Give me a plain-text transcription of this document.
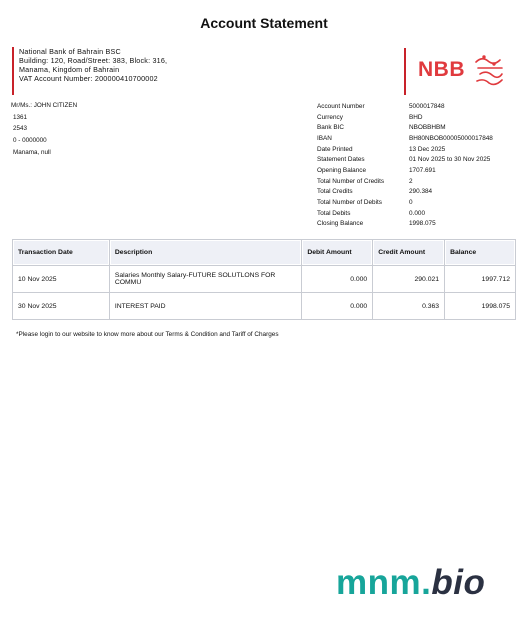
Account Statement
National Bank of Bahrain BSC
Building: 120, Road/Street: 383, Block: 316,
Manama, Kingdom of Bahrain
VAT Account Number: 200000410700002	NBB
Mr/Ms.: JOHN CITIZEN
1361
2543
0 - 0000000
Manama, null
Account Number	5000017848
Currency	BHD
Bank BIC	NBOBBHBM
IBAN	BH80NBOB00005000017848
Date Printed	13 Dec 2025
Statement Dates	01 Nov 2025 to 30 Nov 2025
Opening Balance	1707.691
Total Number of Credits	2
Total Credits	290.384
Total Number of Debits	0
Total Debits	0.000
Closing Balance	1998.075
Transaction Date	Description	Debit Amount	Credit Amount	Balance
10 Nov 2025	Salaries Monthly Salary-FUTURE SOLUTLONS FOR COMMU	0.000	290.021	1997.712
30 Nov 2025	INTEREST PAID	0.000	0.363	1998.075
*Please login to our website to know more about our Terms & Condition and Tariff of Charges
mnm.bio
